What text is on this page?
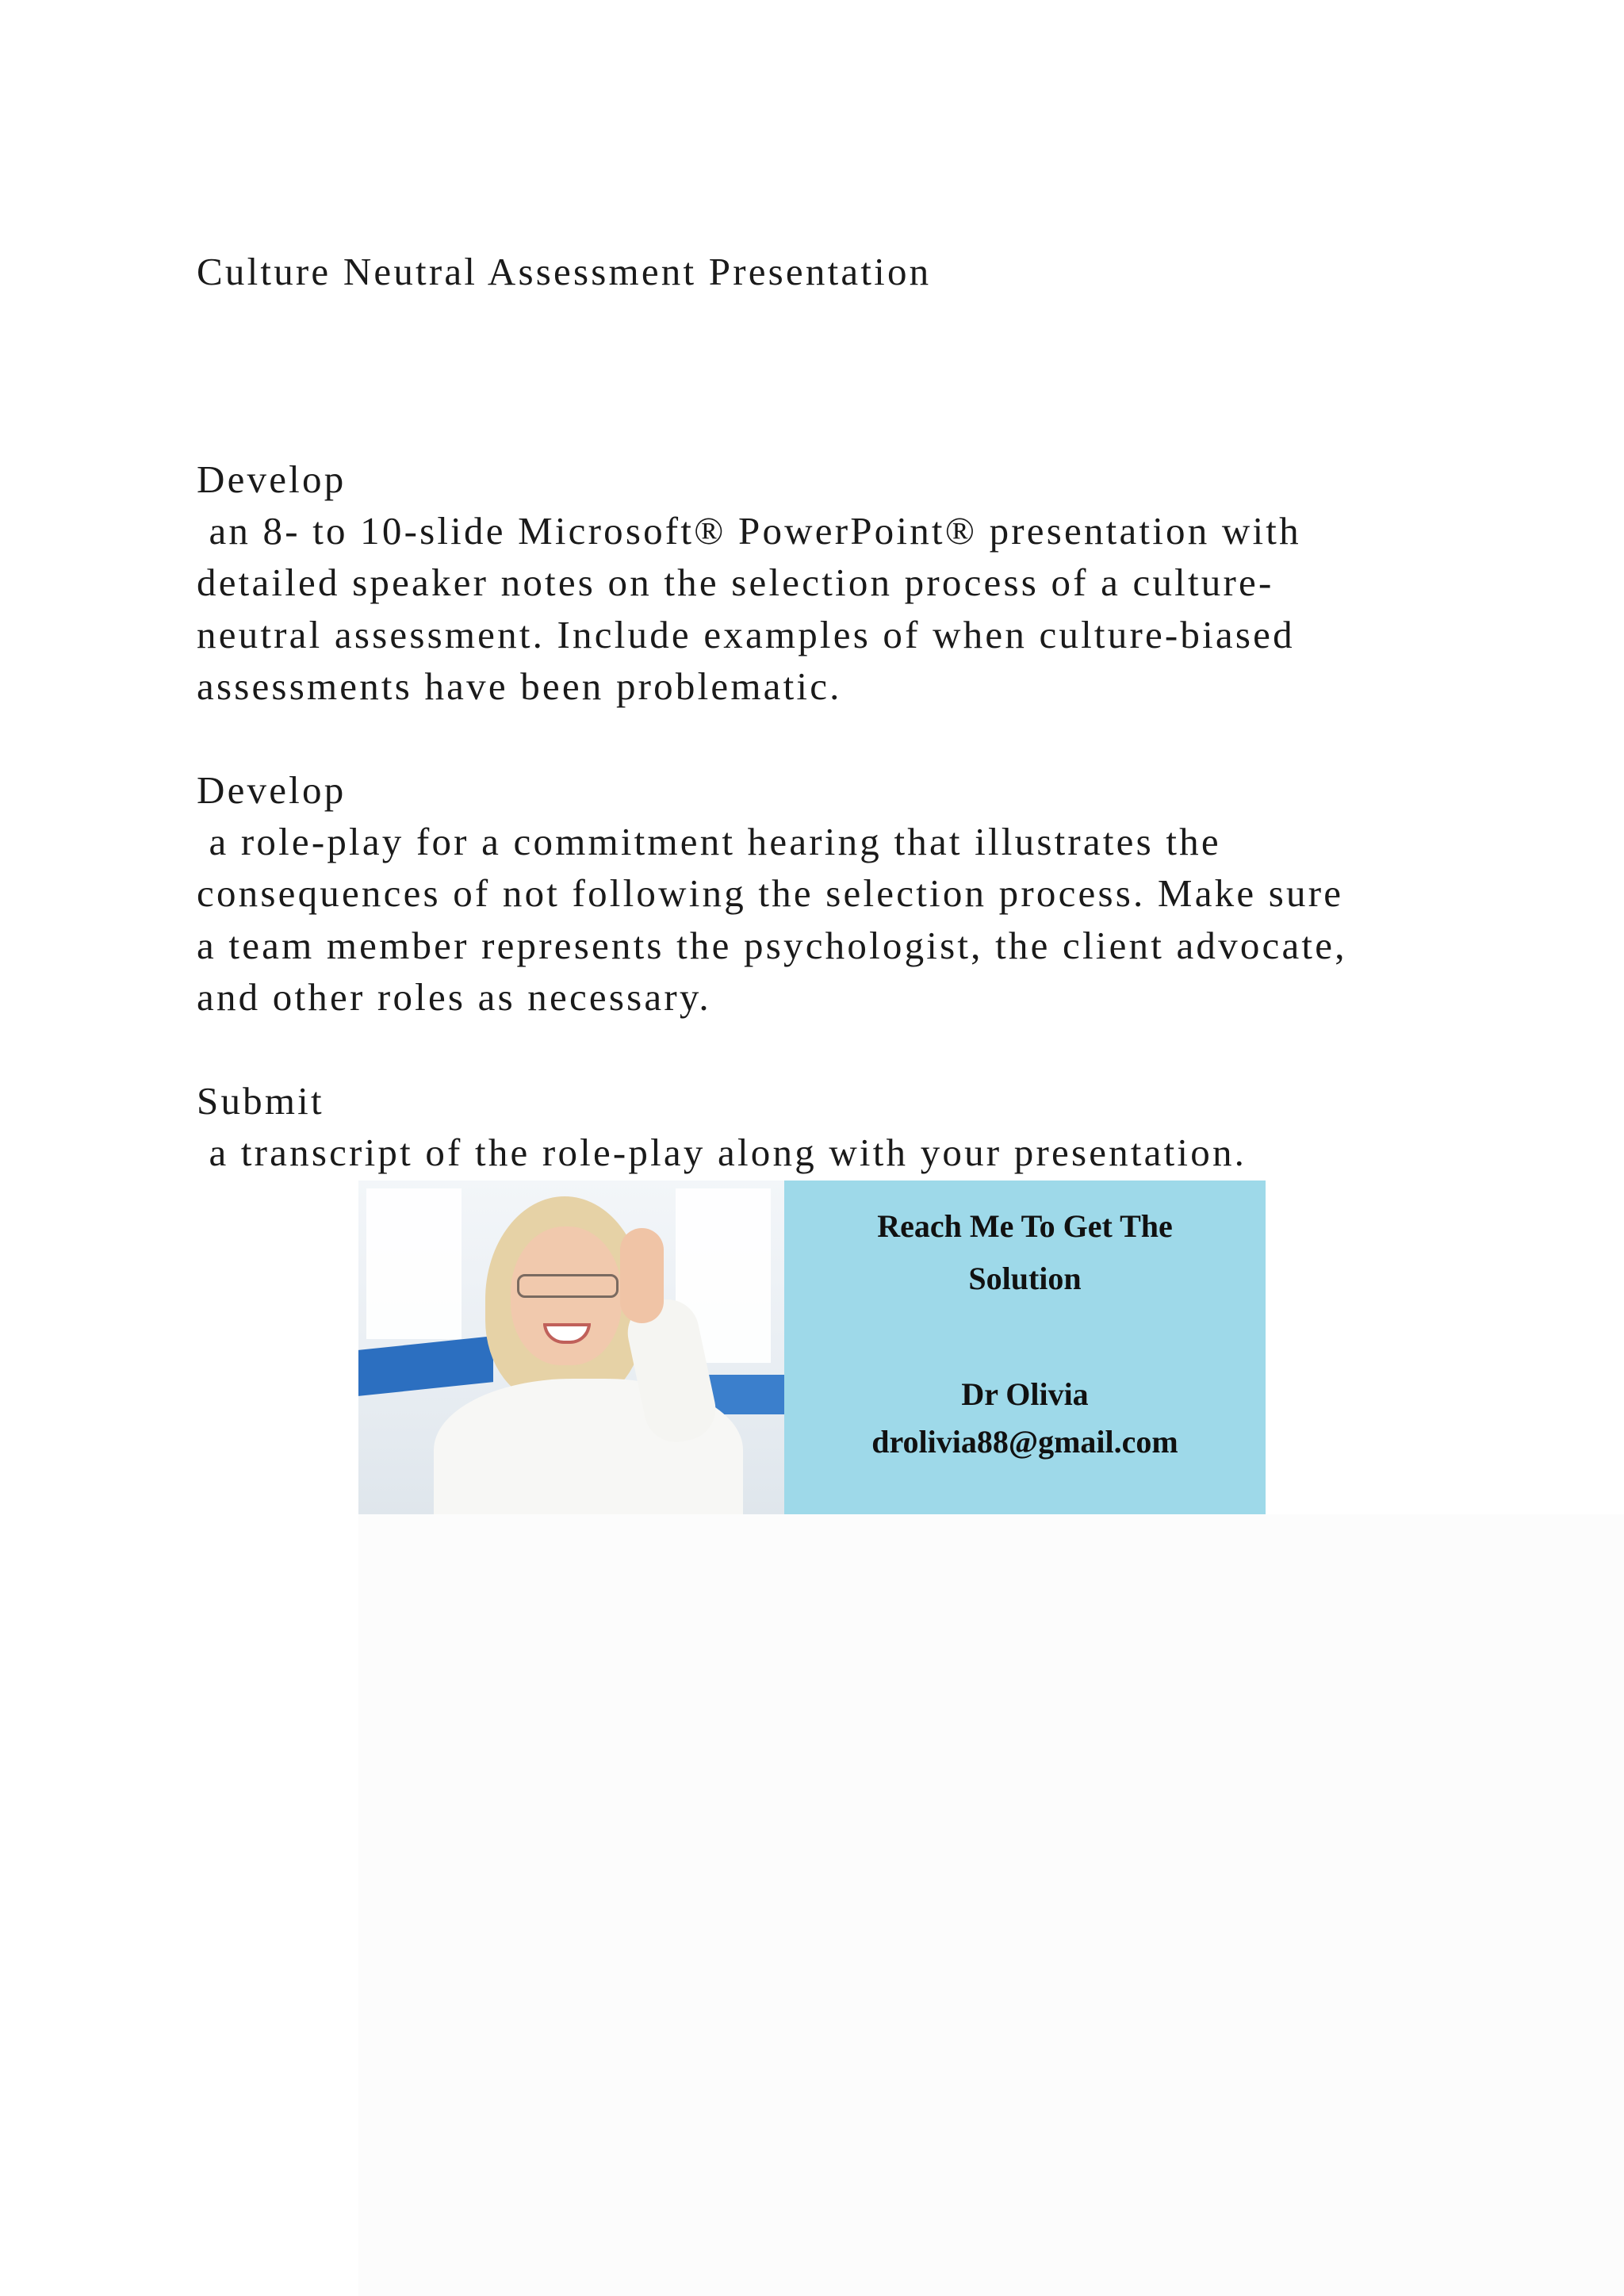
Culture Neutral Assessment Presentation
Develop
an 8- to 10-slide Microsoft® PowerPoint® presentation with
detailed speaker notes on the selection process of a culture-
neutral assessment. Include examples of when culture-biased
assessments have been problematic.
Develop
a role-play for a commitment hearing that illustrates the
consequences of not following the selection process. Make sure
a team member represents the psychologist, the client advocate,
and other roles as necessary.
Submit
a transcript of the role-play along with your presentation.
Reach Me To Get The
Solution
Dr Olivia
drolivia88@gmail.com
